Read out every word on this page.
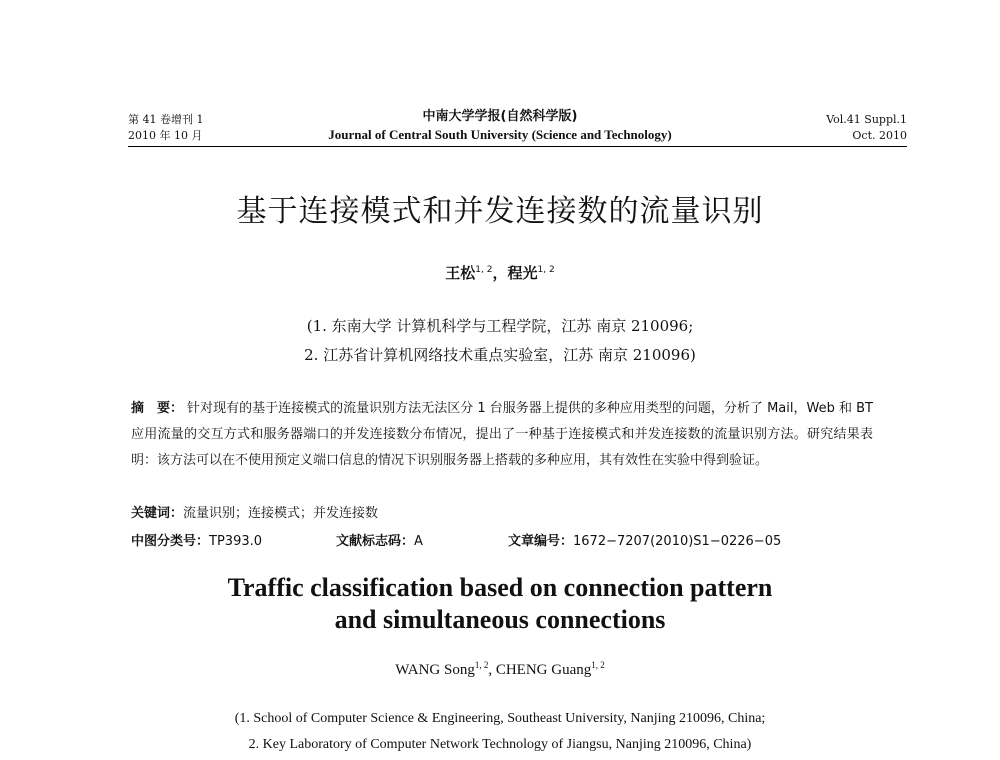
第 41 卷增刊 1
2010 年 10 月
中南大学学报(自然科学版)
Journal of Central South University (Science and Technology)
Vol.41 Suppl.1
Oct. 2010
基于连接模式和并发连接数的流量识别
王松$^{1, 2}$，程光$^{1, 2}$
(1. 东南大学 计算机科学与工程学院，江苏 南京 210096;
2. 江苏省计算机网络技术重点实验室，江苏 南京 210096)
摘　要： 针对现有的基于连接模式的流量识别方法无法区分 1 台服务器上提供的多种应用类型的问题，分析了 Mail，Web 和 BT 应用流量的交互方式和服务器端口的并发连接数分布情况，提出了一种基于连接模式和并发连接数的流量识别方法。研究结果表明：该方法可以在不使用预定义端口信息的情况下识别服务器上搭载的多种应用，其有效性在实验中得到验证。
关键词：流量识别；连接模式；并发连接数
中图分类号：TP393.0	文献标志码：A	文章编号：1672−7207(2010)S1−0226−05
Traffic classification based on connection pattern
and simultaneous connections
WANG Song$^{1, 2}$, CHENG Guang$^{1, 2}$
(1. School of Computer Science & Engineering, Southeast University, Nanjing 210096, China;
2. Key Laboratory of Computer Network Technology of Jiangsu, Nanjing 210096, China)
